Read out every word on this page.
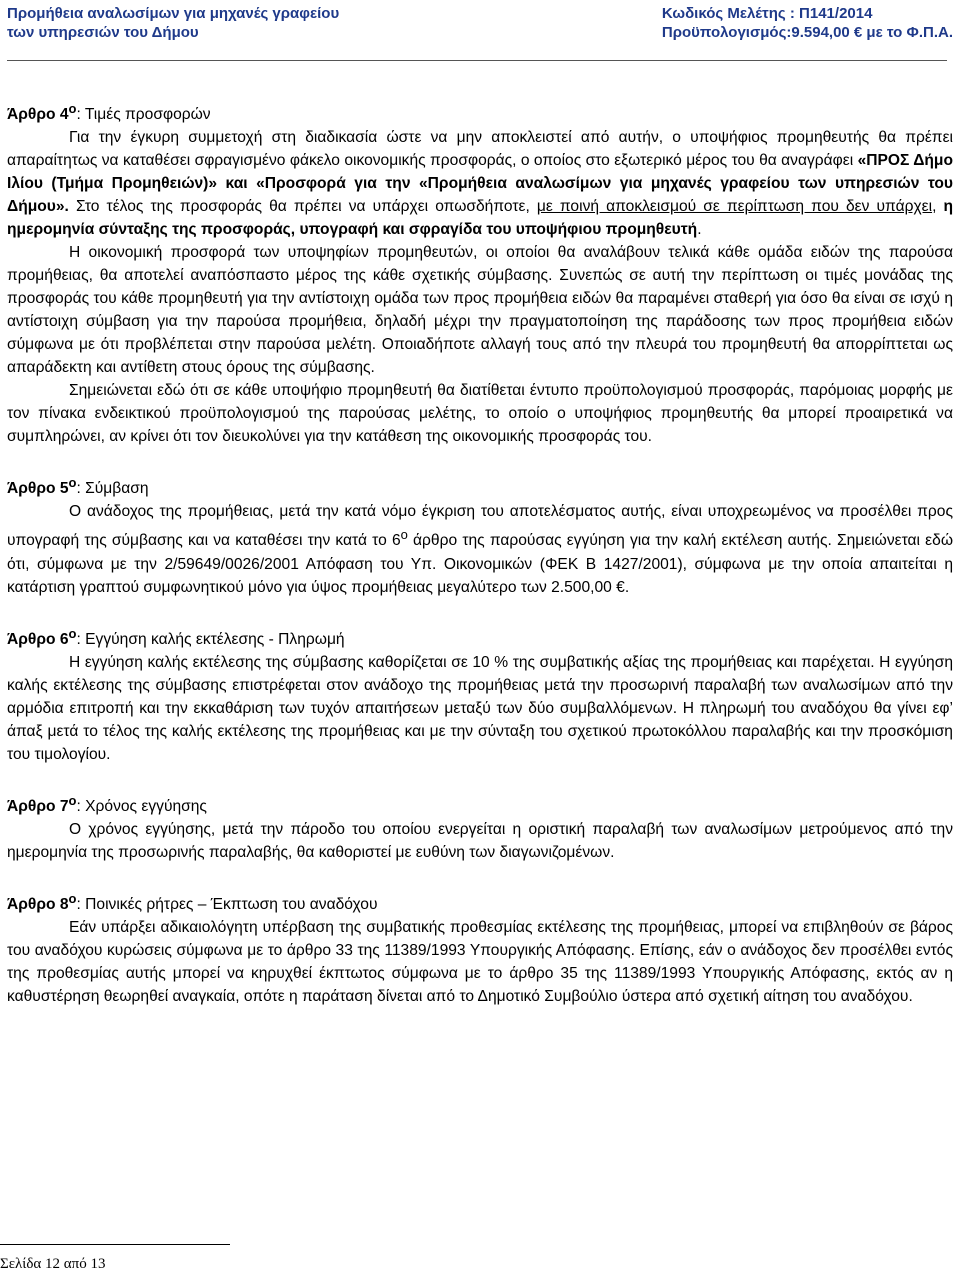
Προμήθεια αναλωσίμων για μηχανές γραφείου
των υπηρεσιών του Δήμου
Κωδικός Μελέτης : Π141/2014
Προϋπολογισμός:9.594,00 € με το Φ.Π.Α.

Άρθρο $4^o$: Τιμές προσφορών

Για την έγκυρη συμμετοχή στη διαδικασία ώστε να μην αποκλειστεί από αυτήν, ο υποψήφιος προμηθευτής θα πρέπει απαραίτητως να καταθέσει σφραγισμένο φάκελο οικονομικής προσφοράς, ο οποίος στο εξωτερικό μέρος του θα αναγράφει «ΠΡΟΣ Δήμο Ιλίου (Τμήμα Προμηθειών)» και «Προσφορά για την «Προμήθεια αναλωσίμων για μηχανές γραφείου των υπηρεσιών του Δήμου». Στο τέλος της προσφοράς θα πρέπει να υπάρχει οπωσδήποτε, με ποινή αποκλεισμού σε περίπτωση που δεν υπάρχει, η ημερομηνία σύνταξης της προσφοράς, υπογραφή και σφραγίδα του υποψήφιου προμηθευτή.

Η οικονομική προσφορά των υποψηφίων προμηθευτών, οι οποίοι θα αναλάβουν τελικά κάθε ομάδα ειδών της παρούσα προμήθειας, θα αποτελεί αναπόσπαστο μέρος της κάθε σχετικής σύμβασης. Συνεπώς σε αυτή την περίπτωση οι τιμές μονάδας της προσφοράς του κάθε προμηθευτή για την αντίστοιχη ομάδα των προς προμήθεια ειδών θα παραμένει σταθερή για όσο θα είναι σε ισχύ η αντίστοιχη σύμβαση για την παρούσα προμήθεια, δηλαδή μέχρι την πραγματοποίηση της παράδοσης των προς προμήθεια ειδών σύμφωνα με ότι προβλέπεται στην παρούσα μελέτη. Οποιαδήποτε αλλαγή τους από την πλευρά του προμηθευτή θα απορρίπτεται ως απαράδεκτη και αντίθετη στους όρους της σύμβασης.

Σημειώνεται εδώ ότι σε κάθε υποψήφιο προμηθευτή θα διατίθεται έντυπο προϋπολογισμού προσφοράς, παρόμοιας μορφής με τον πίνακα ενδεικτικού προϋπολογισμού της παρούσας μελέτης, το οποίο ο υποψήφιος προμηθευτής θα μπορεί προαιρετικά να συμπληρώνει, αν κρίνει ότι τον διευκολύνει για την κατάθεση της οικονομικής προσφοράς του.

Άρθρο $5^o$: Σύμβαση

Ο ανάδοχος της προμήθειας, μετά την κατά νόμο έγκριση του αποτελέσματος αυτής, είναι υποχρεωμένος να προσέλθει προς υπογραφή της σύμβασης και να καταθέσει την κατά το $6^o$ άρθρο της παρούσας εγγύηση για την καλή εκτέλεση αυτής. Σημειώνεται εδώ ότι, σύμφωνα με την 2/59649/0026/2001 Απόφαση του Υπ. Οικονομικών (ΦΕΚ Β 1427/2001), σύμφωνα με την οποία απαιτείται η κατάρτιση γραπτού συμφωνητικού μόνο για ύψος προμήθειας μεγαλύτερο των 2.500,00 €.

Άρθρο $6^o$: Εγγύηση καλής εκτέλεσης - Πληρωμή

Η εγγύηση καλής εκτέλεσης της σύμβασης καθορίζεται σε 10 % της συμβατικής αξίας της προμήθειας και παρέχεται. Η εγγύηση καλής εκτέλεσης της σύμβασης επιστρέφεται στον ανάδοχο της προμήθειας μετά την προσωρινή παραλαβή των αναλωσίμων από την αρμόδια επιτροπή και την εκκαθάριση των τυχόν απαιτήσεων μεταξύ των δύο συμβαλλόμενων. Η πληρωμή του αναδόχου θα γίνει εφ’ άπαξ μετά το τέλος της καλής εκτέλεσης της προμήθειας και με την σύνταξη του σχετικού πρωτοκόλλου παραλαβής και την προσκόμιση του τιμολογίου.

Άρθρο $7^o$: Χρόνος εγγύησης

Ο χρόνος εγγύησης, μετά την πάροδο του οποίου ενεργείται η οριστική παραλαβή των αναλωσίμων μετρούμενος από την ημερομηνία της προσωρινής παραλαβής, θα καθοριστεί με ευθύνη των διαγωνιζομένων.

Άρθρο $8^o$: Ποινικές ρήτρες – Έκπτωση του αναδόχου

Εάν υπάρξει αδικαιολόγητη υπέρβαση της συμβατικής προθεσμίας εκτέλεσης της προμήθειας, μπορεί να επιβληθούν σε βάρος του αναδόχου κυρώσεις σύμφωνα με το άρθρο 33 της 11389/1993 Υπουργικής Απόφασης. Επίσης, εάν ο ανάδοχος δεν προσέλθει εντός της προθεσμίας αυτής μπορεί να κηρυχθεί έκπτωτος σύμφωνα με το άρθρο 35 της 11389/1993 Υπουργικής Απόφασης, εκτός αν η καθυστέρηση θεωρηθεί αναγκαία, οπότε η παράταση δίνεται από το Δημοτικό Συμβούλιο ύστερα από σχετική αίτηση του αναδόχου.

Σελίδα 12 από 13
